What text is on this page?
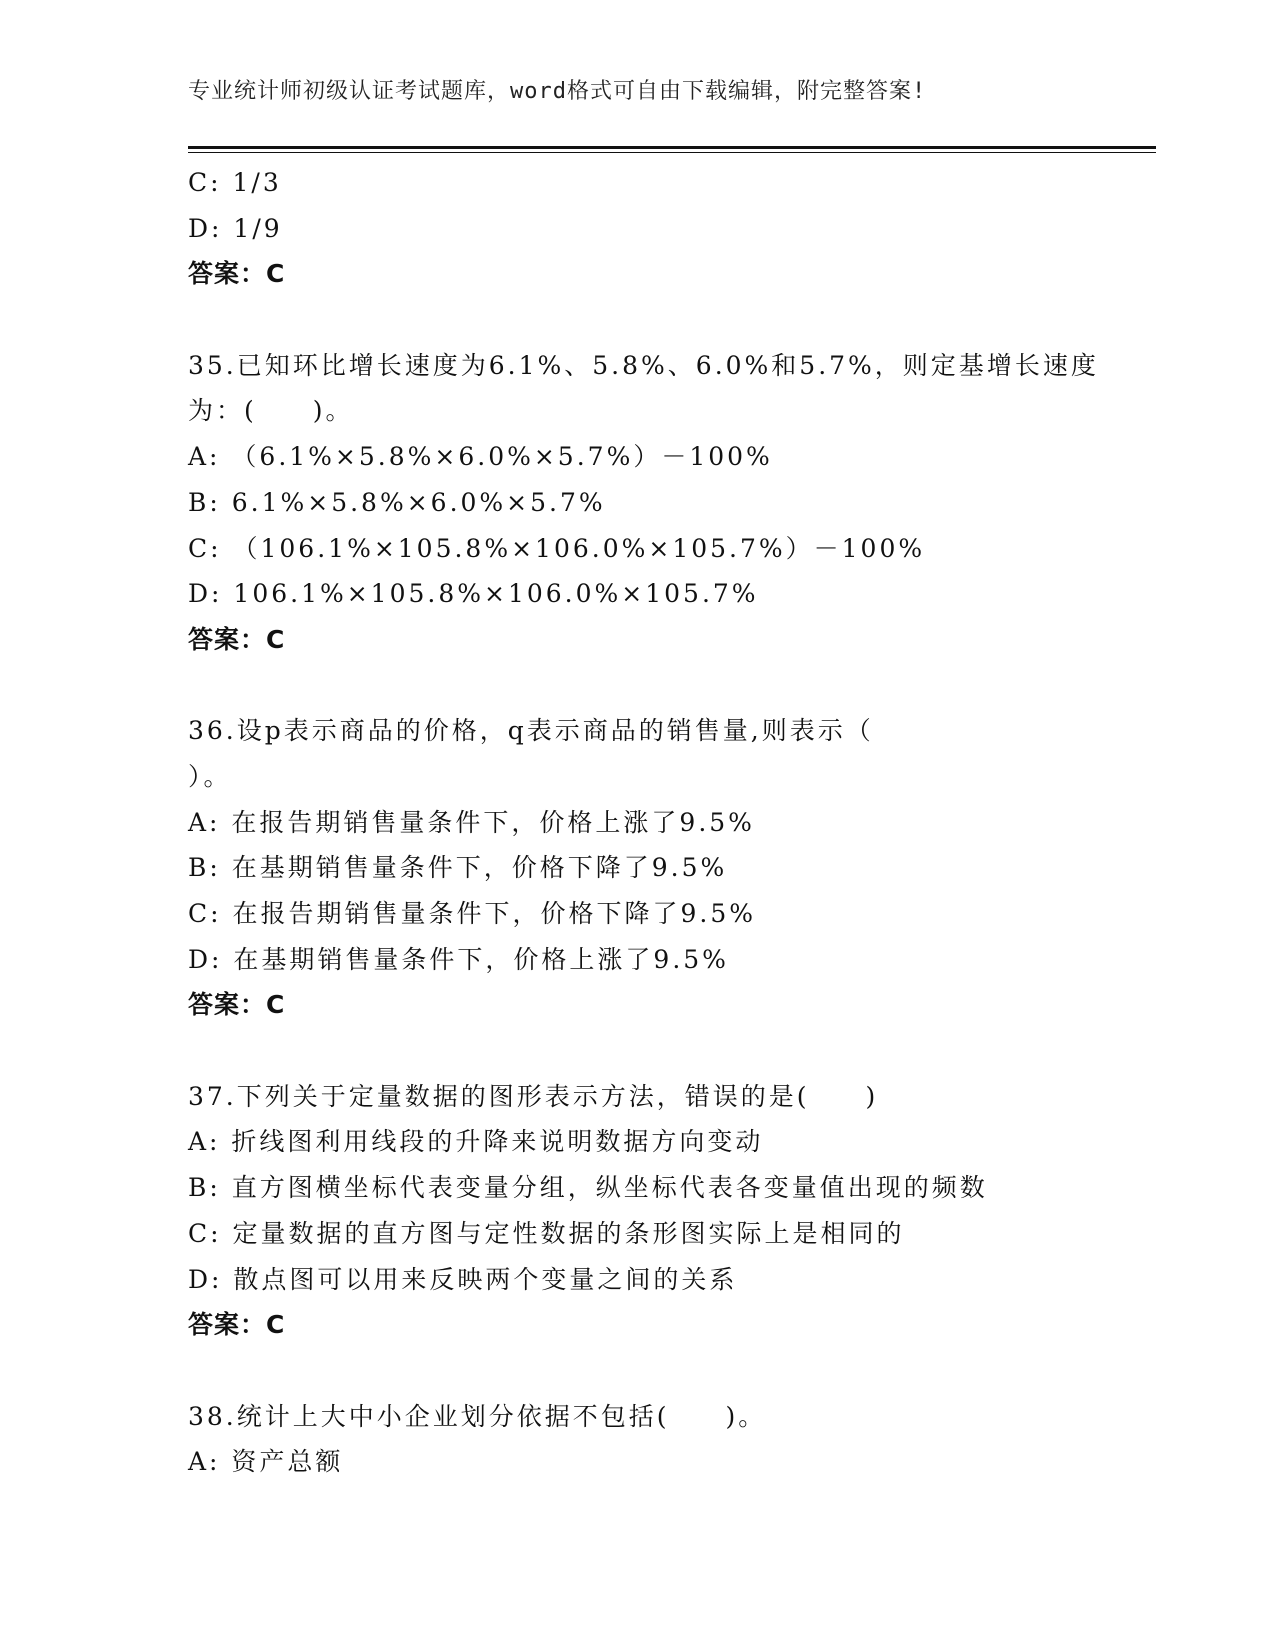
专业统计师初级认证考试题库，word格式可自由下载编辑，附完整答案!
C: 1/3
D: 1/9
答案：C
35.已知环比增长速度为6.1%、5.8%、6.0%和5.7%，则定基增长速度
为：(　　)。
A: （6.1%×5.8%×6.0%×5.7%）－100%
B: 6.1%×5.8%×6.0%×5.7%
C: （106.1%×105.8%×106.0%×105.7%）－100%
D: 106.1%×105.8%×106.0%×105.7%
答案：C
36.设p表示商品的价格，q表示商品的销售量,则表示（
）。
A: 在报告期销售量条件下，价格上涨了9.5%
B: 在基期销售量条件下，价格下降了9.5%
C: 在报告期销售量条件下，价格下降了9.5%
D: 在基期销售量条件下，价格上涨了9.5%
答案：C
37.下列关于定量数据的图形表示方法，错误的是(　　)
A: 折线图利用线段的升降来说明数据方向变动
B: 直方图横坐标代表变量分组，纵坐标代表各变量值出现的频数
C: 定量数据的直方图与定性数据的条形图实际上是相同的
D: 散点图可以用来反映两个变量之间的关系
答案：C
38.统计上大中小企业划分依据不包括(　　)。
A: 资产总额
